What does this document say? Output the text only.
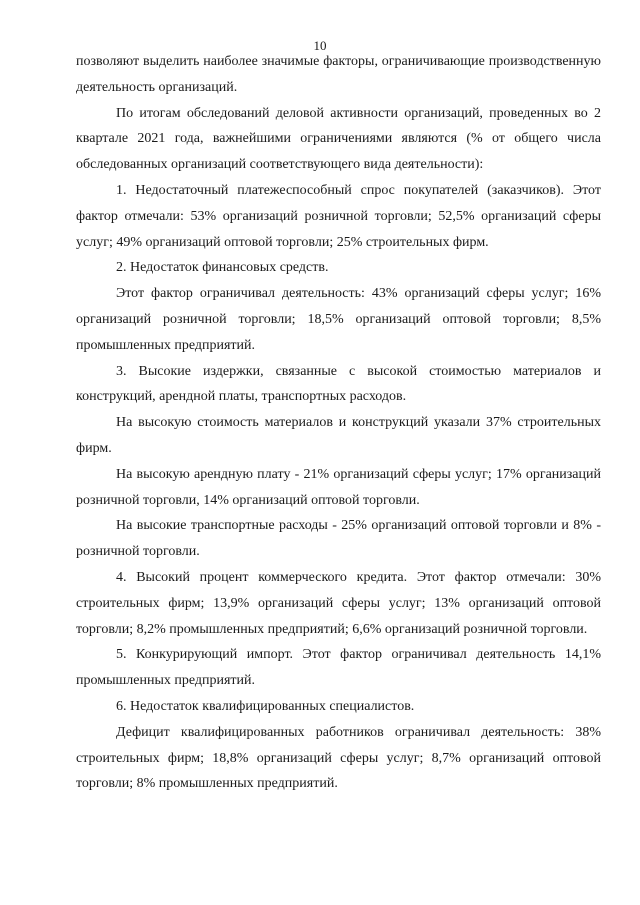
10

позволяют выделить наиболее значимые факторы, ограничивающие производственную деятельность организаций.

По итогам обследований деловой активности организаций, проведенных во 2 квартале 2021 года, важнейшими ограничениями являются (% от общего числа обследованных организаций соответствующего вида деятельности):

1. Недостаточный платежеспособный спрос покупателей (заказчиков). Этот фактор отмечали: 53% организаций розничной торговли; 52,5% организаций сферы услуг; 49% организаций оптовой торговли; 25% строительных фирм.

2. Недостаток финансовых средств.

Этот фактор ограничивал деятельность: 43% организаций сферы услуг; 16% организаций розничной торговли; 18,5% организаций оптовой торговли; 8,5% промышленных предприятий.

3. Высокие издержки, связанные с высокой стоимостью материалов и конструкций, арендной платы, транспортных расходов.

На высокую стоимость материалов и конструкций указали 37% строительных фирм.

На высокую арендную плату - 21% организаций сферы услуг; 17% организаций розничной торговли, 14% организаций оптовой торговли.

На высокие транспортные расходы - 25% организаций оптовой торговли и 8% - розничной торговли.

4. Высокий процент коммерческого кредита. Этот фактор отмечали: 30% строительных фирм; 13,9% организаций сферы услуг; 13% организаций оптовой торговли; 8,2% промышленных предприятий; 6,6% организаций розничной торговли.

5. Конкурирующий импорт. Этот фактор ограничивал деятельность 14,1% промышленных предприятий.

6. Недостаток квалифицированных специалистов.

Дефицит квалифицированных работников ограничивал деятельность: 38% строительных фирм; 18,8% организаций сферы услуг; 8,7% организаций оптовой торговли; 8% промышленных предприятий.
